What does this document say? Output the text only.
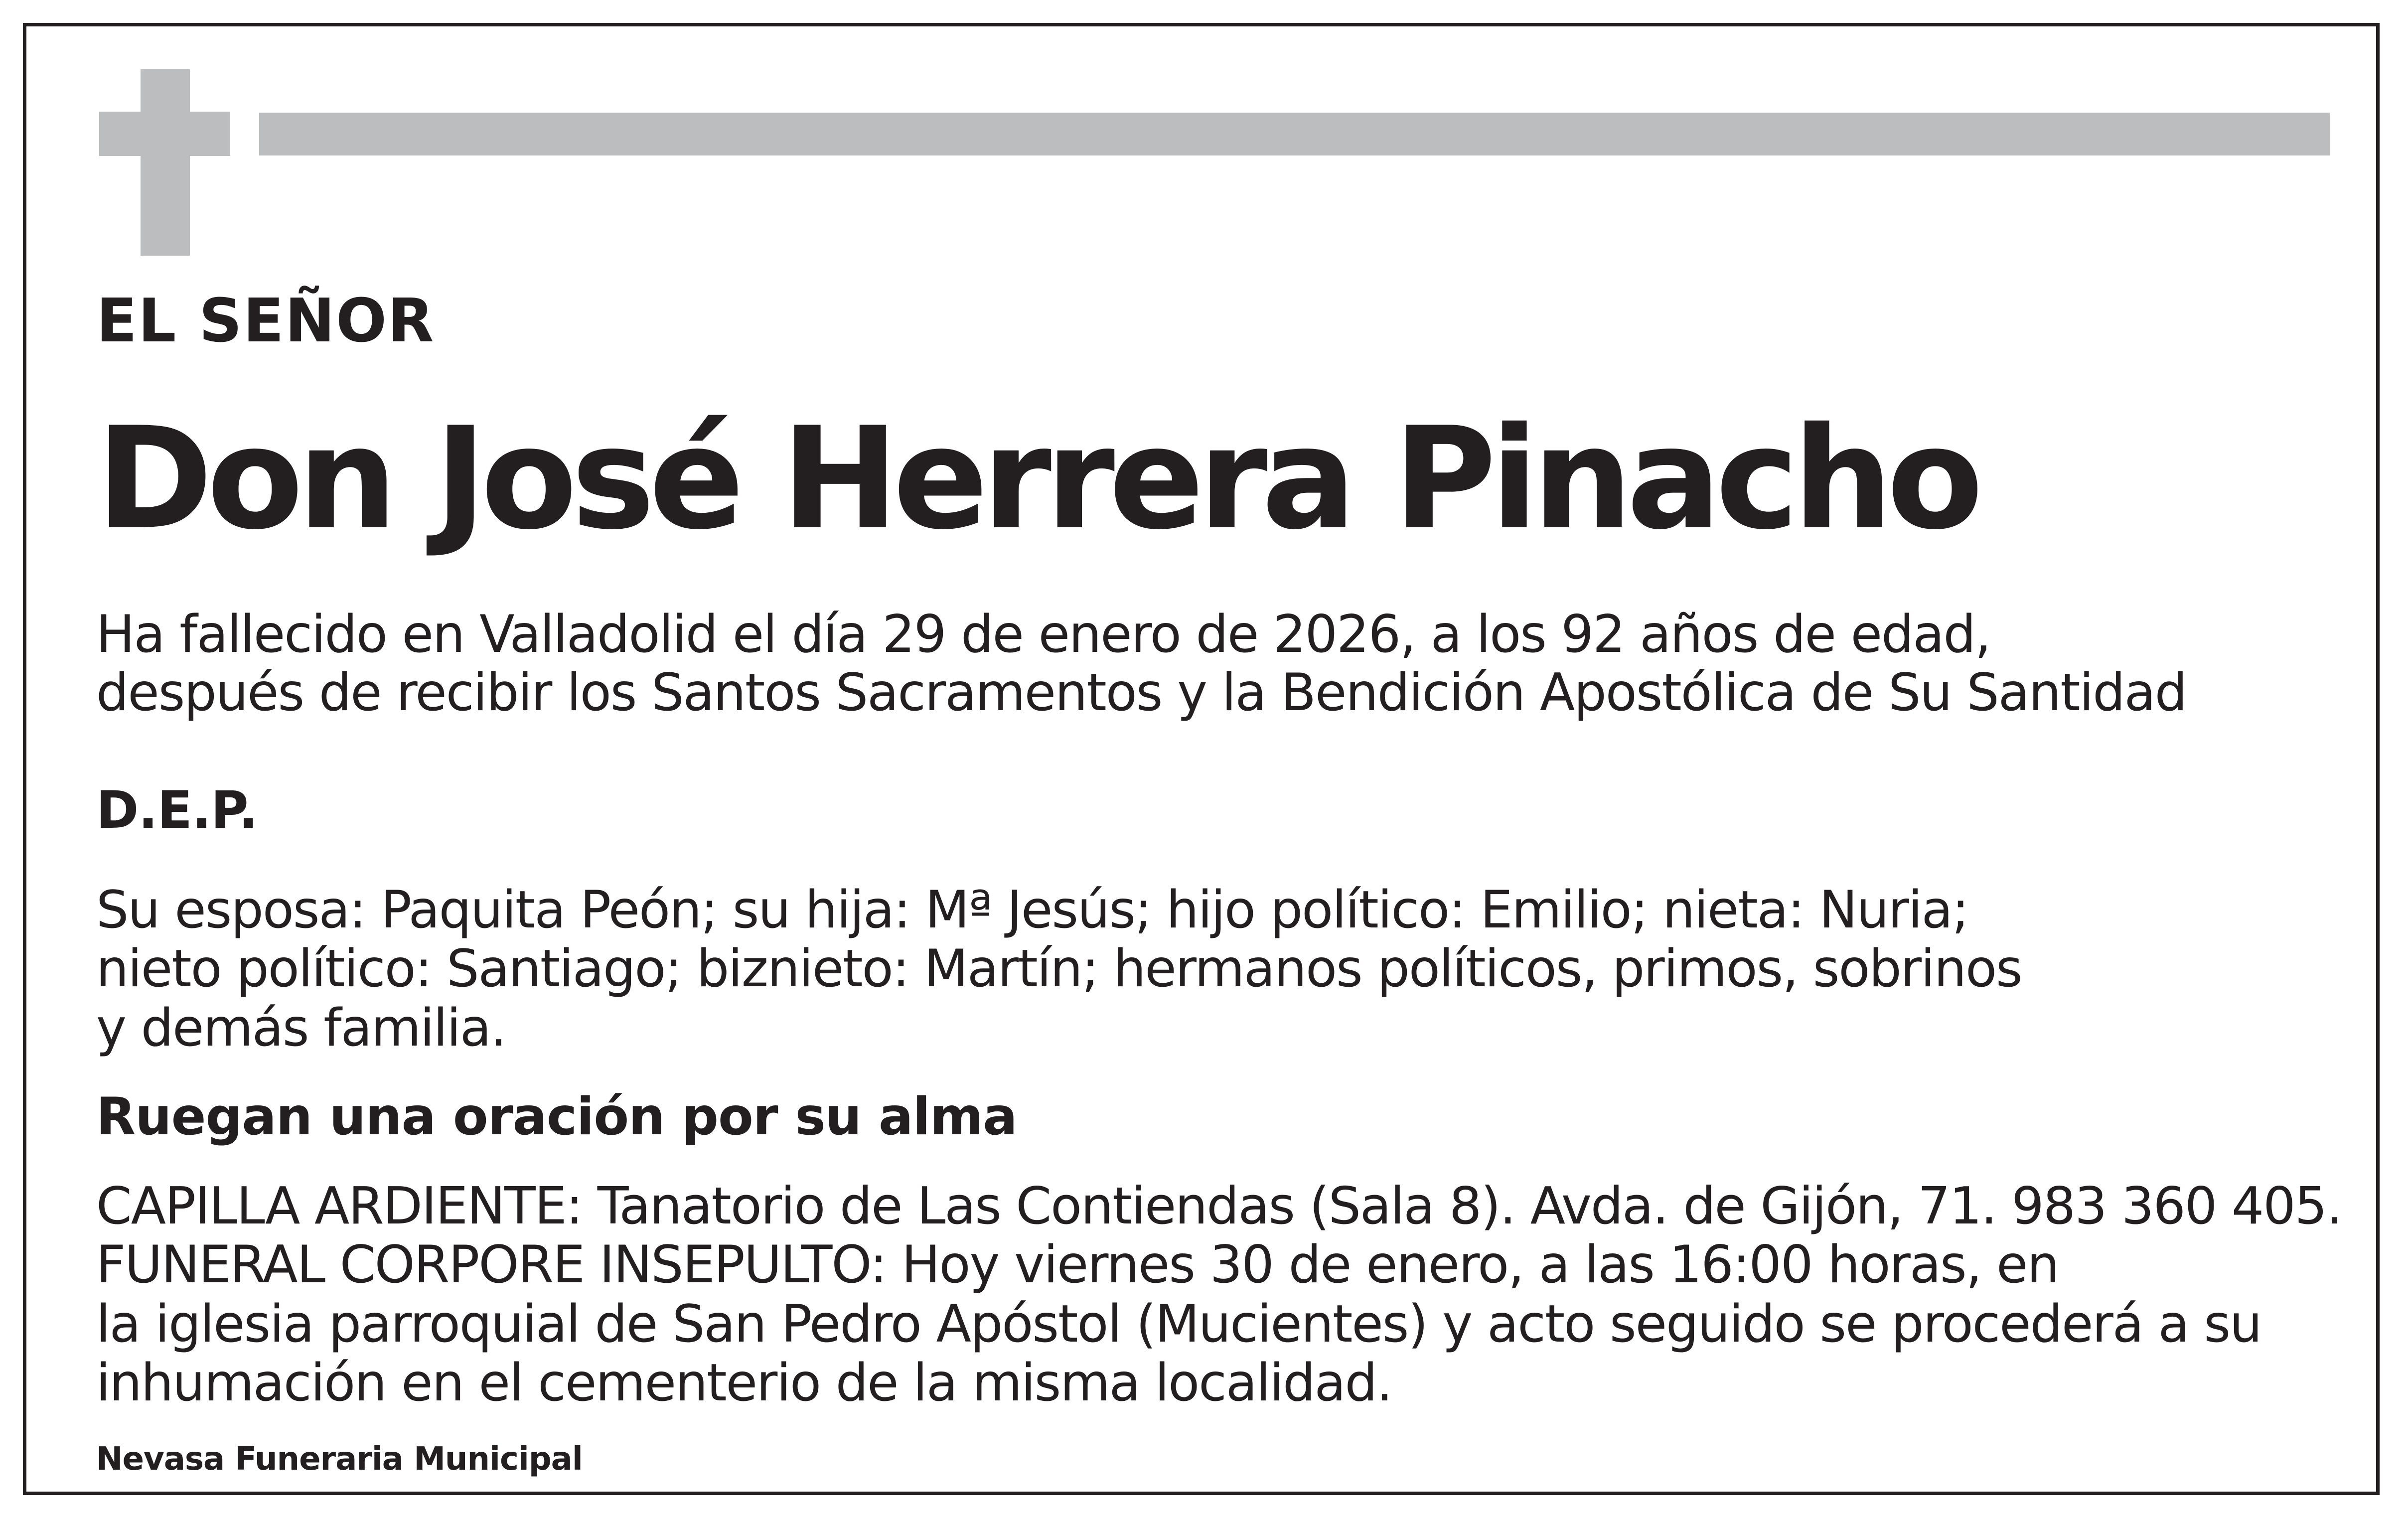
EL SEÑOR

Don José Herrera Pinacho

Ha fallecido en Valladolid el día 29 de enero de 2026, a los 92 años de edad,

después de recibir los Santos Sacramentos y la Bendición Apostólica de Su Santidad

D.E.P.

Su esposa: Paquita Peón; su hija: Mª Jesús; hijo político: Emilio; nieta: Nuria;

nieto político: Santiago; biznieto: Martín; hermanos políticos, primos, sobrinos

y demás familia.

Ruegan una oración por su alma

CAPILLA ARDIENTE: Tanatorio de Las Contiendas (Sala 8). Avda. de Gijón, 71. 983 360 405.

FUNERAL CORPORE INSEPULTO: Hoy viernes 30 de enero, a las 16:00 horas, en

la iglesia parroquial de San Pedro Apóstol (Mucientes) y acto seguido se procederá a su

inhumación en el cementerio de la misma localidad.

Nevasa Funeraria Municipal
